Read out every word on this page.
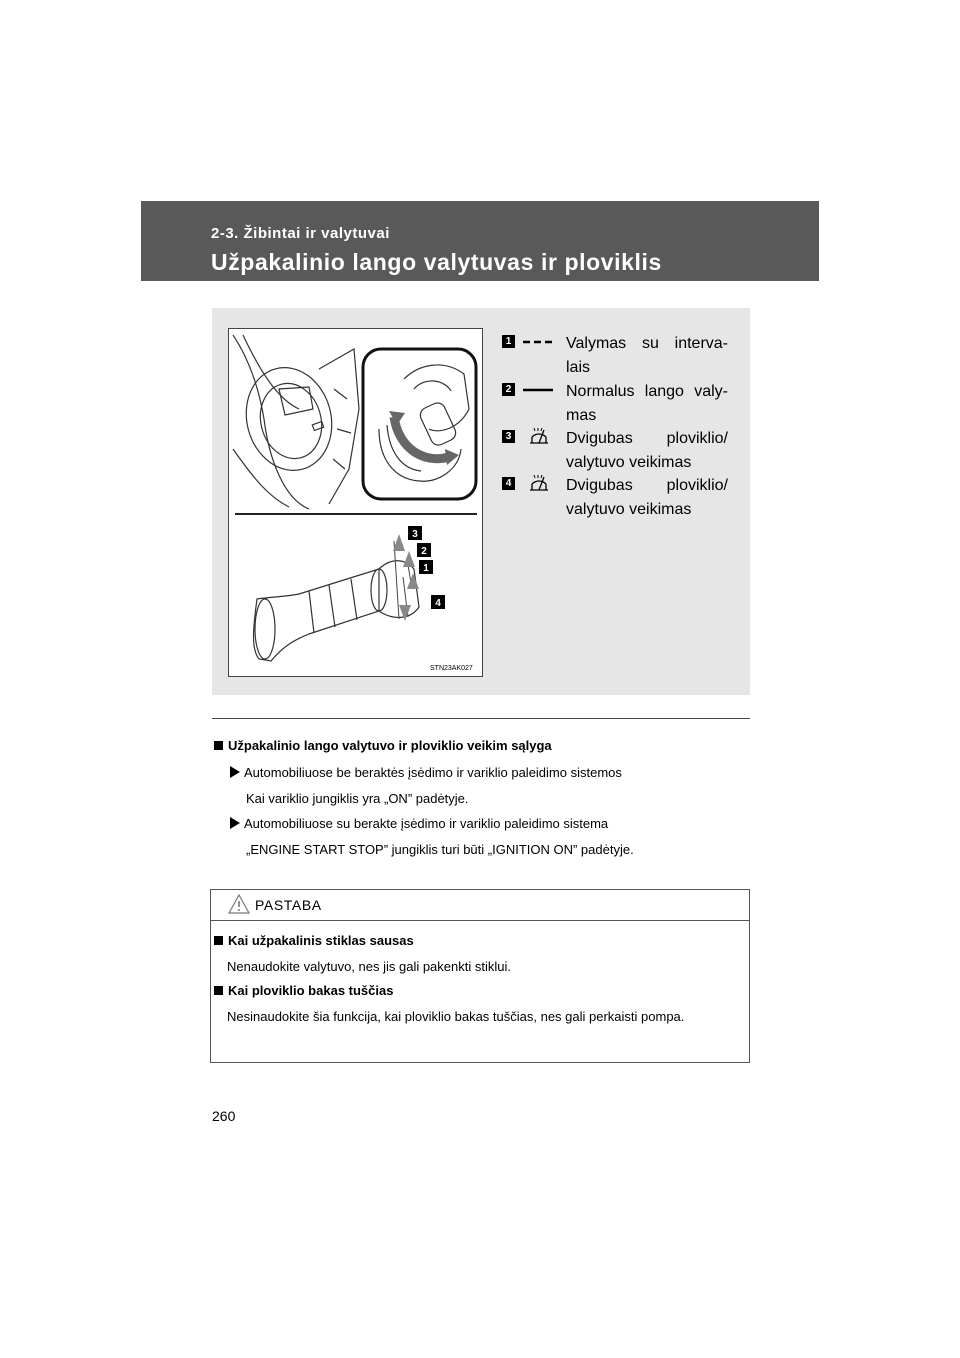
2-3. Žibintai ir valytuvai
Užpakalinio lango valytuvas ir ploviklis
3
2
1
4
STN23AK027
1	Valymas su interva-lais
2	Normalus lango valy-mas
3	Dvigubas ploviklio/ valytuvo veikimas
4	Dvigubas ploviklio/ valytuvo veikimas
Užpakalinio lango valytuvo ir ploviklio veikim sąlyga
Automobiliuose be beraktės įsėdimo ir variklio paleidimo sistemos
Kai variklio jungiklis yra „ON” padėtyje.
Automobiliuose su berakte įsėdimo ir variklio paleidimo sistema
„ENGINE START STOP” jungiklis turi būti „IGNITION ON” padėtyje.
PASTABA
Kai užpakalinis stiklas sausas
Nenaudokite valytuvo, nes jis gali pakenkti stiklui.
Kai ploviklio bakas tuščias
Nesinaudokite šia funkcija, kai ploviklio bakas tuščias, nes gali perkaisti pompa.
260
